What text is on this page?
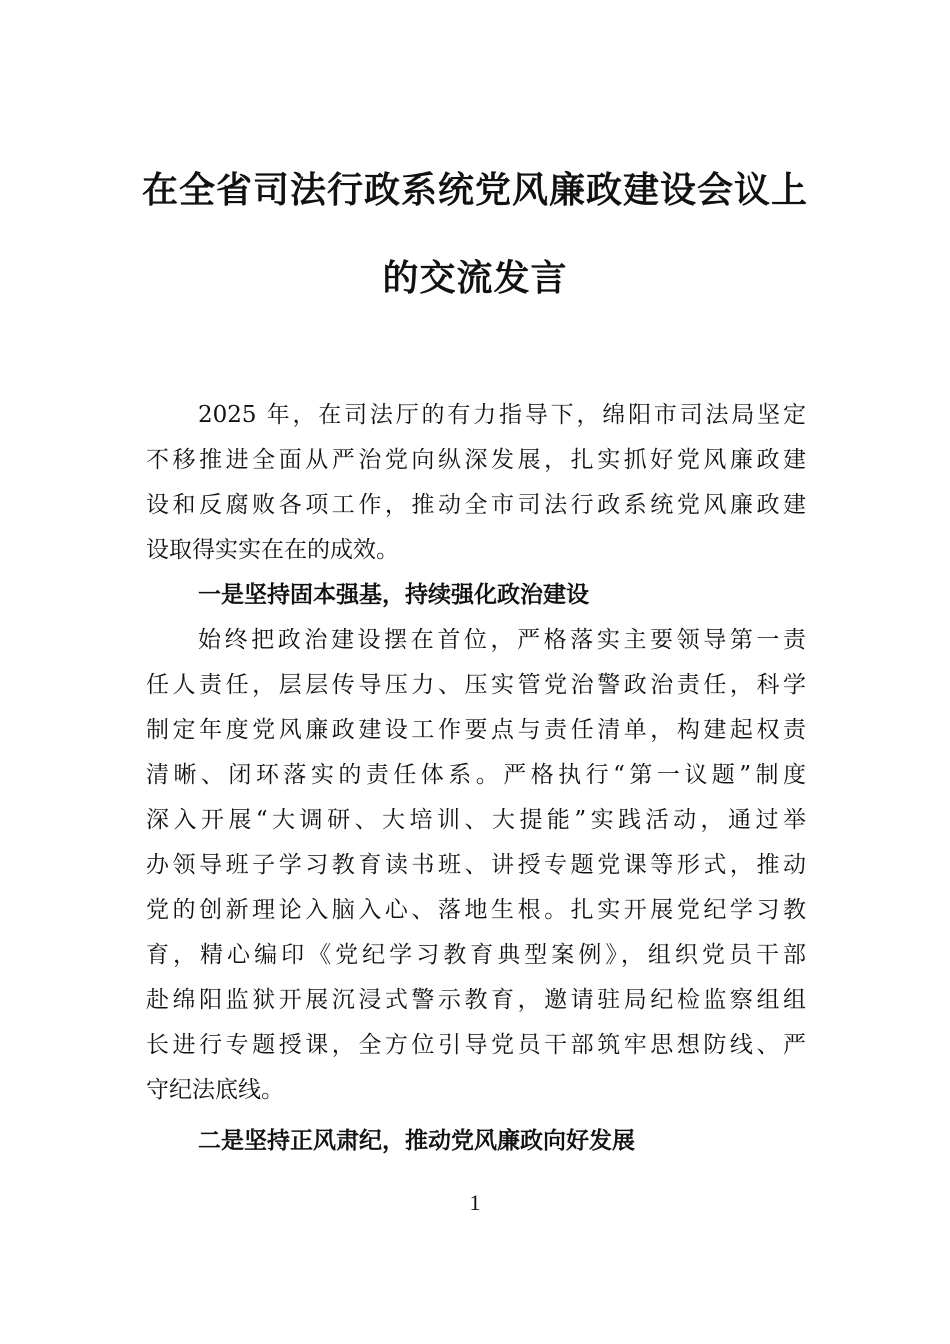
在全省司法行政系统党风廉政建设会议上
的交流发言
2025 年，在司法厅的有力指导下，绵阳市司法局坚定
不移推进全面从严治党向纵深发展，扎实抓好党风廉政建
设和反腐败各项工作，推动全市司法行政系统党风廉政建
设取得实实在在的成效。
一是坚持固本强基，持续强化政治建设
始终把政治建设摆在首位，严格落实主要领导第一责
任人责任，层层传导压力、压实管党治警政治责任，科学
制定年度党风廉政建设工作要点与责任清单，构建起权责
清晰、闭环落实的责任体系。严格执行“第一议题”制度
深入开展“大调研、大培训、大提能”实践活动，通过举
办领导班子学习教育读书班、讲授专题党课等形式，推动
党的创新理论入脑入心、落地生根。扎实开展党纪学习教
育，精心编印《党纪学习教育典型案例》，组织党员干部
赴绵阳监狱开展沉浸式警示教育，邀请驻局纪检监察组组
长进行专题授课，全方位引导党员干部筑牢思想防线、严
守纪法底线。
二是坚持正风肃纪，推动党风廉政向好发展
1
